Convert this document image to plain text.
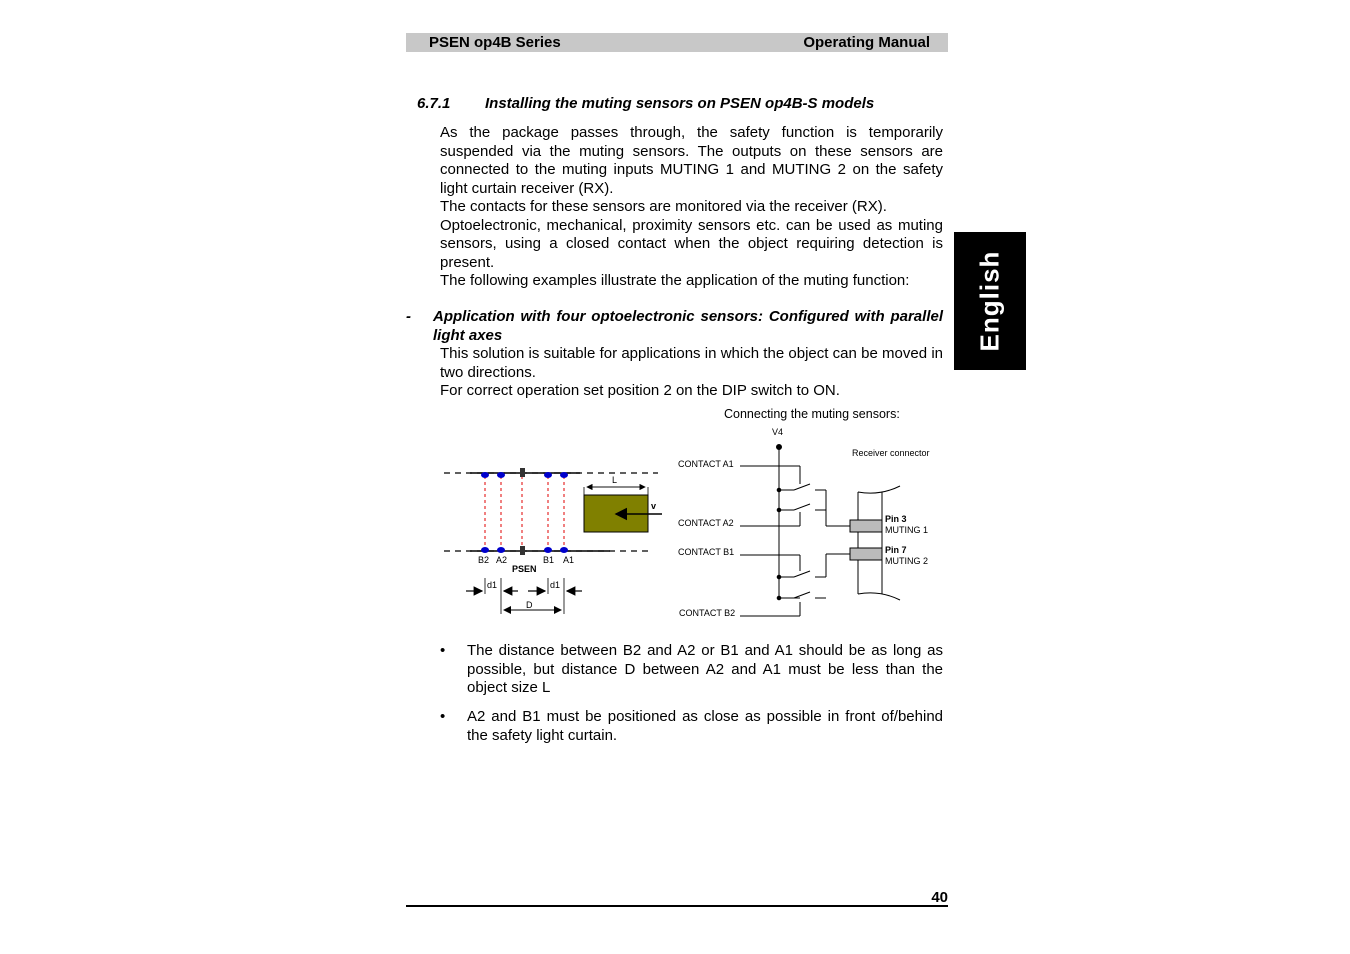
PSEN op4B Series	Operating Manual
6.7.1 Installing the muting sensors on PSEN op4B-S models

As the package passes through, the safety function is temporarily suspended via the muting sensors. The outputs on these sensors are connected to the muting inputs MUTING 1 and MUTING 2 on the safety light curtain receiver (RX).

The contacts for these sensors are monitored via the receiver (RX).

Optoelectronic, mechanical, proximity sensors etc. can be used as muting sensors, using a closed contact when the object requiring detection is present.

The following examples illustrate the application of the muting function:

- Application with four optoelectronic sensors: Configured with parallel light axes

This solution is suitable for applications in which the object can be moved in two directions.

For correct operation set position 2 on the DIP switch to ON.

English
Connecting the muting sensors:
v
L
B2 A2	B1 A1
PSEN
d1	d1
D
V4
CONTACT A1
CONTACT A2
CONTACT B1
CONTACT B2
Receiver connector
Pin 3
MUTING 1
Pin 7
MUTING 2
• The distance between B2 and A2 or B1 and A1 should be as long as possible, but distance D between A2 and A1 must be less than the object size L
• A2 and B1 must be positioned as close as possible in front of/behind the safety light curtain.
40
